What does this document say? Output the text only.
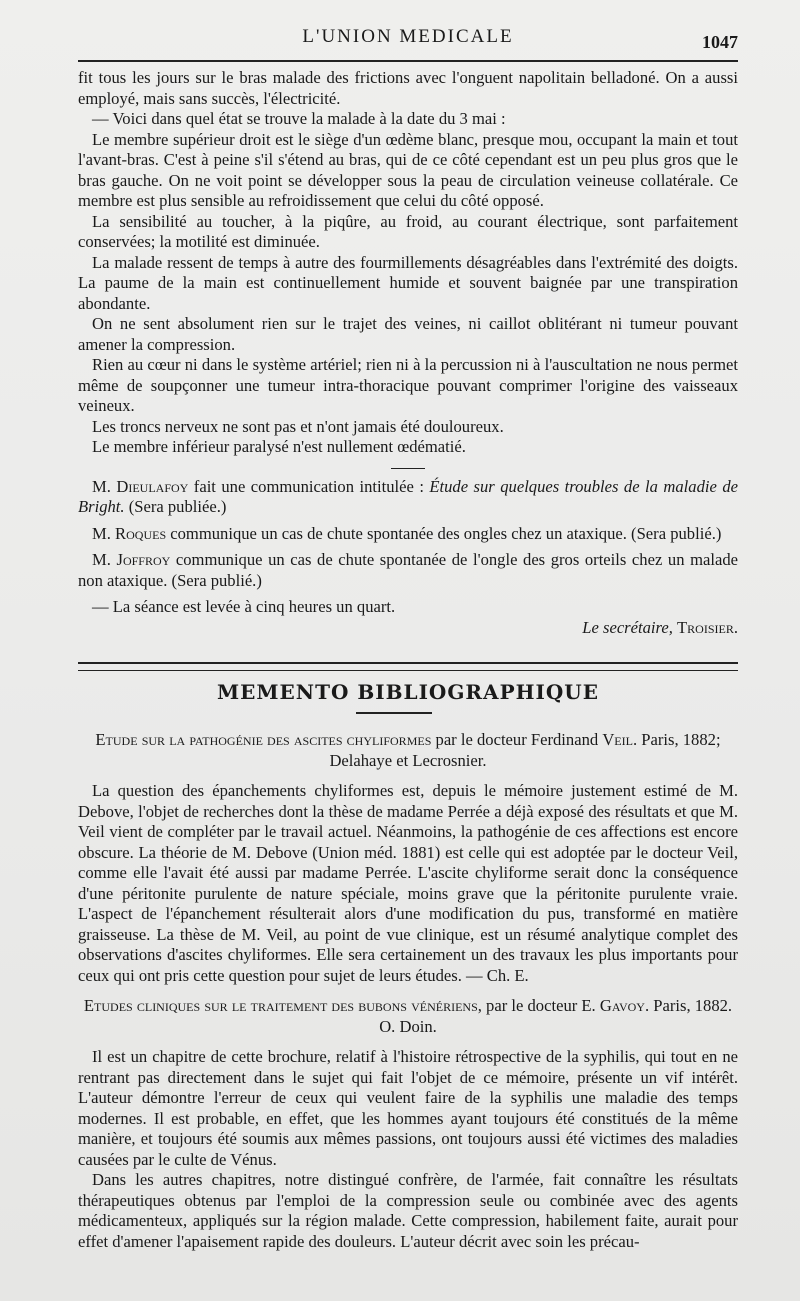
L'UNION MEDICALE	1047

fit tous les jours sur le bras malade des frictions avec l'onguent napolitain belladoné. On a aussi employé, mais sans succès, l'électricité.

— Voici dans quel état se trouve la malade à la date du 3 mai :

Le membre supérieur droit est le siège d'un œdème blanc, presque mou, occupant la main et tout l'avant-bras. C'est à peine s'il s'étend au bras, qui de ce côté cependant est un peu plus gros que le bras gauche. On ne voit point se développer sous la peau de circulation veineuse collatérale. Ce membre est plus sensible au refroidissement que celui du côté opposé.

La sensibilité au toucher, à la piqûre, au froid, au courant électrique, sont parfaitement conservées; la motilité est diminuée.

La malade ressent de temps à autre des fourmillements désagréables dans l'extrémité des doigts. La paume de la main est continuellement humide et souvent baignée par une transpiration abondante.

On ne sent absolument rien sur le trajet des veines, ni caillot oblitérant ni tumeur pouvant amener la compression.

Rien au cœur ni dans le système artériel; rien ni à la percussion ni à l'auscultation ne nous permet même de soupçonner une tumeur intra-thoracique pouvant comprimer l'origine des vaisseaux veineux.

Les troncs nerveux ne sont pas et n'ont jamais été douloureux.

Le membre inférieur paralysé n'est nullement œdématié.

M. Dieulafoy fait une communication intitulée : Étude sur quelques troubles de la maladie de Bright. (Sera publiée.)

M. Roques communique un cas de chute spontanée des ongles chez un ataxique. (Sera publié.)

M. Joffroy communique un cas de chute spontanée de l'ongle des gros orteils chez un malade non ataxique. (Sera publié.)

— La séance est levée à cinq heures un quart.

Le secrétaire, Troisier.

MEMENTO BIBLIOGRAPHIQUE

Etude sur la pathogénie des ascites chyliformes par le docteur Ferdinand Veil. Paris, 1882; Delahaye et Lecrosnier.

La question des épanchements chyliformes est, depuis le mémoire justement estimé de M. Debove, l'objet de recherches dont la thèse de madame Perrée a déjà exposé des résultats et que M. Veil vient de compléter par le travail actuel. Néanmoins, la pathogénie de ces affections est encore obscure. La théorie de M. Debove (Union méd. 1881) est celle qui est adoptée par le docteur Veil, comme elle l'avait été aussi par madame Perrée. L'ascite chyliforme serait donc la conséquence d'une péritonite purulente de nature spéciale, moins grave que la péritonite purulente vraie. L'aspect de l'épanchement résulterait alors d'une modification du pus, transformé en matière graisseuse. La thèse de M. Veil, au point de vue clinique, est un résumé analytique complet des observations d'ascites chyliformes. Elle sera certainement un des travaux les plus importants pour ceux qui ont pris cette question pour sujet de leurs études. — Ch. E.

Etudes cliniques sur le traitement des bubons vénériens, par le docteur E. Gavoy. Paris, 1882. O. Doin.

Il est un chapitre de cette brochure, relatif à l'histoire rétrospective de la syphilis, qui tout en ne rentrant pas directement dans le sujet qui fait l'objet de ce mémoire, présente un vif intérêt. L'auteur démontre l'erreur de ceux qui veulent faire de la syphilis une maladie des temps modernes. Il est probable, en effet, que les hommes ayant toujours été constitués de la même manière, et toujours été soumis aux mêmes passions, ont toujours aussi été victimes des maladies causées par le culte de Vénus.

Dans les autres chapitres, notre distingué confrère, de l'armée, fait connaître les résultats thérapeutiques obtenus par l'emploi de la compression seule ou combinée avec des agents médicamenteux, appliqués sur la région malade. Cette compression, habilement faite, aurait pour effet d'amener l'apaisement rapide des douleurs. L'auteur décrit avec soin les précau-
